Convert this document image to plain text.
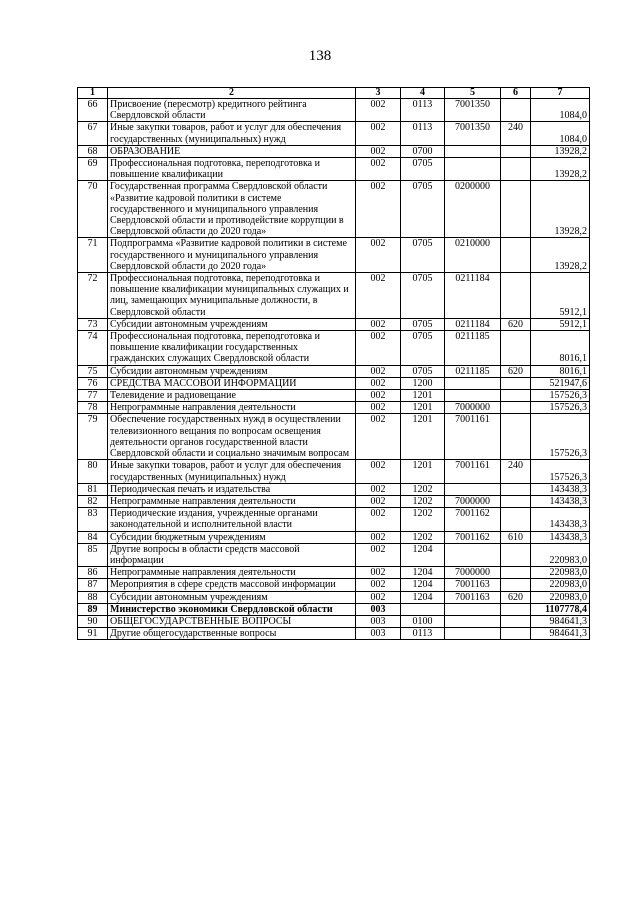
138
1	2	3	4	5	6	7
66	Присвоение (пересмотр) кредитного рейтинга Свердловской области	002	0113	7001350		1084,0
67	Иные закупки товаров, работ и услуг для обеспечения государственных (муниципальных) нужд	002	0113	7001350	240	1084,0
68	ОБРАЗОВАНИЕ	002	0700			13928,2
69	Профессиональная подготовка, переподготовка и повышение квалификации	002	0705			13928,2
70	Государственная программа Свердловской области «Развитие кадровой политики в системе государственного и муниципального управления Свердловской области и противодействие коррупции в Свердловской области до 2020 года»	002	0705	0200000		13928,2
71	Подпрограмма «Развитие кадровой политики в системе государственного и муниципального управления Свердловской области до 2020 года»	002	0705	0210000		13928,2
72	Профессиональная подготовка, переподготовка и повышение квалификации муниципальных служащих и лиц, замещающих муниципальные должности, в Свердловской области	002	0705	0211184		5912,1
73	Субсидии автономным учреждениям	002	0705	0211184	620	5912,1
74	Профессиональная подготовка, переподготовка и повышение квалификации государственных гражданских служащих Свердловской области	002	0705	0211185		8016,1
75	Субсидии автономным учреждениям	002	0705	0211185	620	8016,1
76	СРЕДСТВА МАССОВОЙ ИНФОРМАЦИИ	002	1200			521947,6
77	Телевидение и радиовещание	002	1201			157526,3
78	Непрограммные направления деятельности	002	1201	7000000		157526,3
79	Обеспечение государственных нужд в осуществлении телевизионного вещания по вопросам освещения деятельности органов государственной власти Свердловской области и социально значимым вопросам	002	1201	7001161		157526,3
80	Иные закупки товаров, работ и услуг для обеспечения государственных (муниципальных) нужд	002	1201	7001161	240	157526,3
81	Периодическая печать и издательства	002	1202			143438,3
82	Непрограммные направления деятельности	002	1202	7000000		143438,3
83	Периодические издания, учрежденные органами законодательной и исполнительной власти	002	1202	7001162		143438,3
84	Субсидии бюджетным учреждениям	002	1202	7001162	610	143438,3
85	Другие вопросы в области средств массовой информации	002	1204			220983,0
86	Непрограммные направления деятельности	002	1204	7000000		220983,0
87	Мероприятия в сфере средств массовой информации	002	1204	7001163		220983,0
88	Субсидии автономным учреждениям	002	1204	7001163	620	220983,0
89	Министерство экономики Свердловской области	003				1107778,4
90	ОБЩЕГОСУДАРСТВЕННЫЕ ВОПРОСЫ	003	0100			984641,3
91	Другие общегосударственные вопросы	003	0113			984641,3
